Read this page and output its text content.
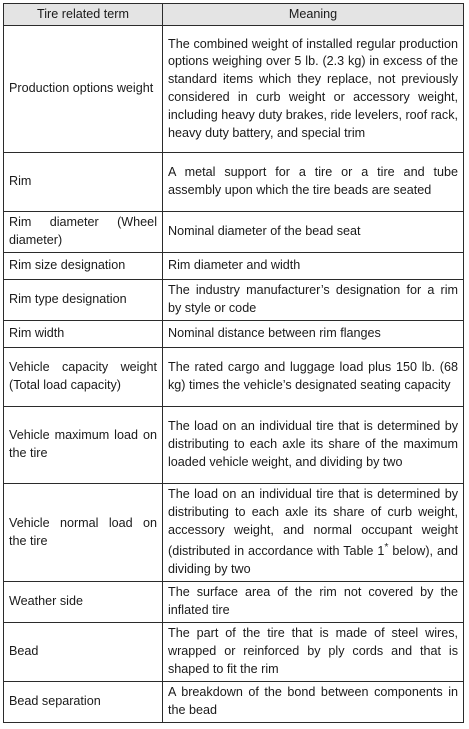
Tire related term	Meaning
Production options weight	The combined weight of installed regular production options weighing over 5 lb. (2.3 kg) in excess of the standard items which they replace, not previously considered in curb weight or accessory weight, including heavy duty brakes, ride levelers, roof rack, heavy duty battery, and special trim
Rim	A metal support for a tire or a tire and tube assembly upon which the tire beads are seated
Rim diameter (Wheel diameter)	Nominal diameter of the bead seat
Rim size designation	Rim diameter and width
Rim type designation	The industry manufacturer’s designation for a rim by style or code
Rim width	Nominal distance between rim flanges
Vehicle capacity weight (Total load capacity)	The rated cargo and luggage load plus 150 lb. (68 kg) times the vehicle’s designated seating capacity
Vehicle maximum load on the tire	The load on an individual tire that is determined by distributing to each axle its share of the maximum loaded vehicle weight, and dividing by two
Vehicle normal load on the tire	The load on an individual tire that is determined by distributing to each axle its share of curb weight, accessory weight, and normal occupant weight (distributed in accordance with Table 1* below), and dividing by two
Weather side	The surface area of the rim not covered by the inflated tire
Bead	The part of the tire that is made of steel wires, wrapped or reinforced by ply cords and that is shaped to fit the rim
Bead separation	A breakdown of the bond between components in the bead
